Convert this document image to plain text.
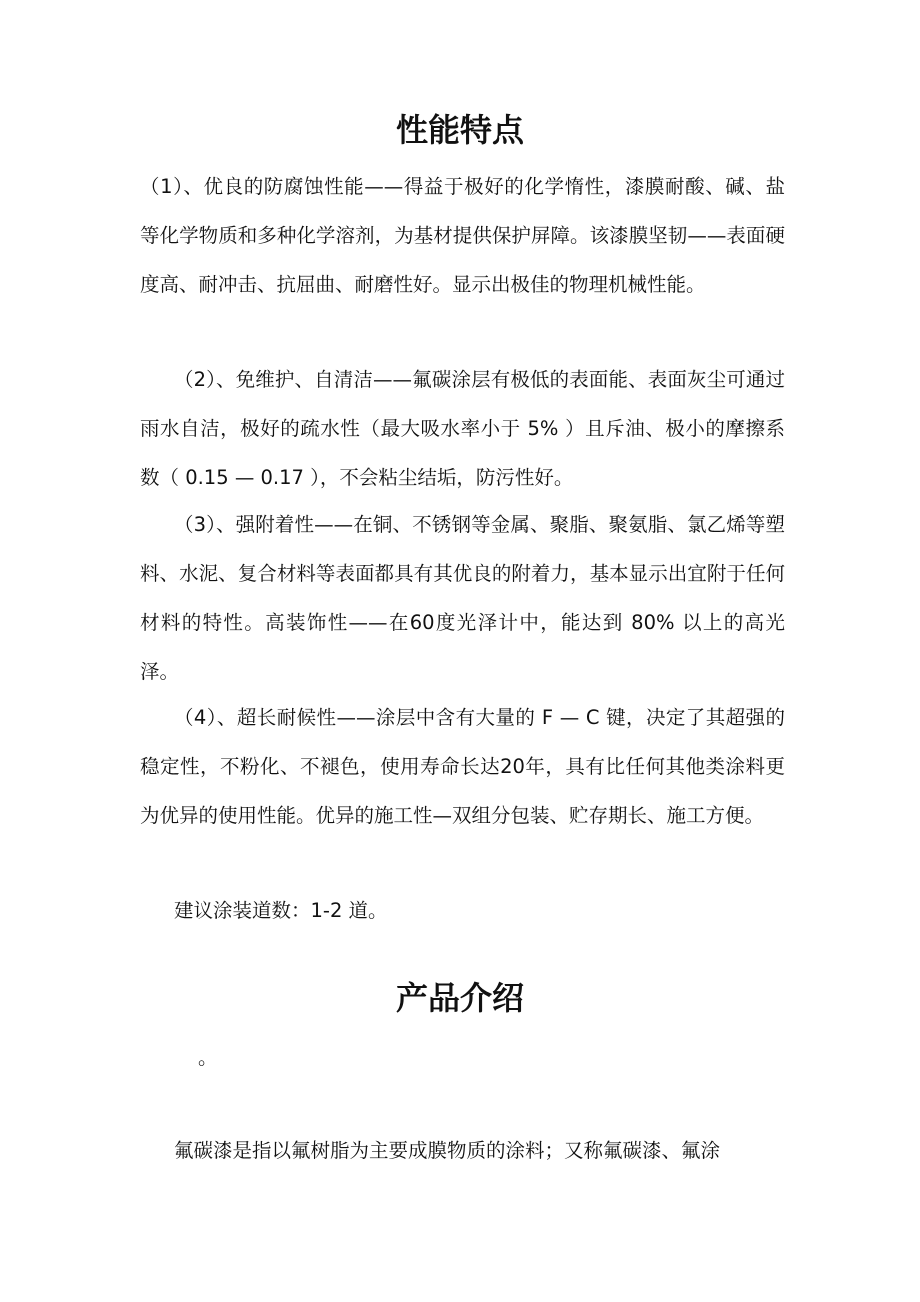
性能特点

（1）、优良的防腐蚀性能——得益于极好的化学惰性，漆膜耐酸、碱、盐等化学物质和多种化学溶剂，为基材提供保护屏障。该漆膜坚韧——表面硬度高、耐冲击、抗屈曲、耐磨性好。显示出极佳的物理机械性能。

（2）、免维护、自清洁——氟碳涂层有极低的表面能、表面灰尘可通过雨水自洁，极好的疏水性（最大吸水率小于 5% ）且斥油、极小的摩擦系数（ 0.15 — 0.17 ），不会粘尘结垢，防污性好。

（3）、强附着性——在铜、不锈钢等金属、聚脂、聚氨脂、氯乙烯等塑料、水泥、复合材料等表面都具有其优良的附着力，基本显示出宜附于任何材料的特性。高装饰性——在60度光泽计中，能达到 80% 以上的高光泽。

（4）、超长耐候性——涂层中含有大量的 F — C 键，决定了其超强的稳定性，不粉化、不褪色，使用寿命长达20年，具有比任何其他类涂料更为优异的使用性能。优异的施工性—双组分包装、贮存期长、施工方便。

建议涂装道数：1-2 道。

产品介绍
。

氟碳漆是指以氟树脂为主要成膜物质的涂料；又称氟碳漆、氟涂
